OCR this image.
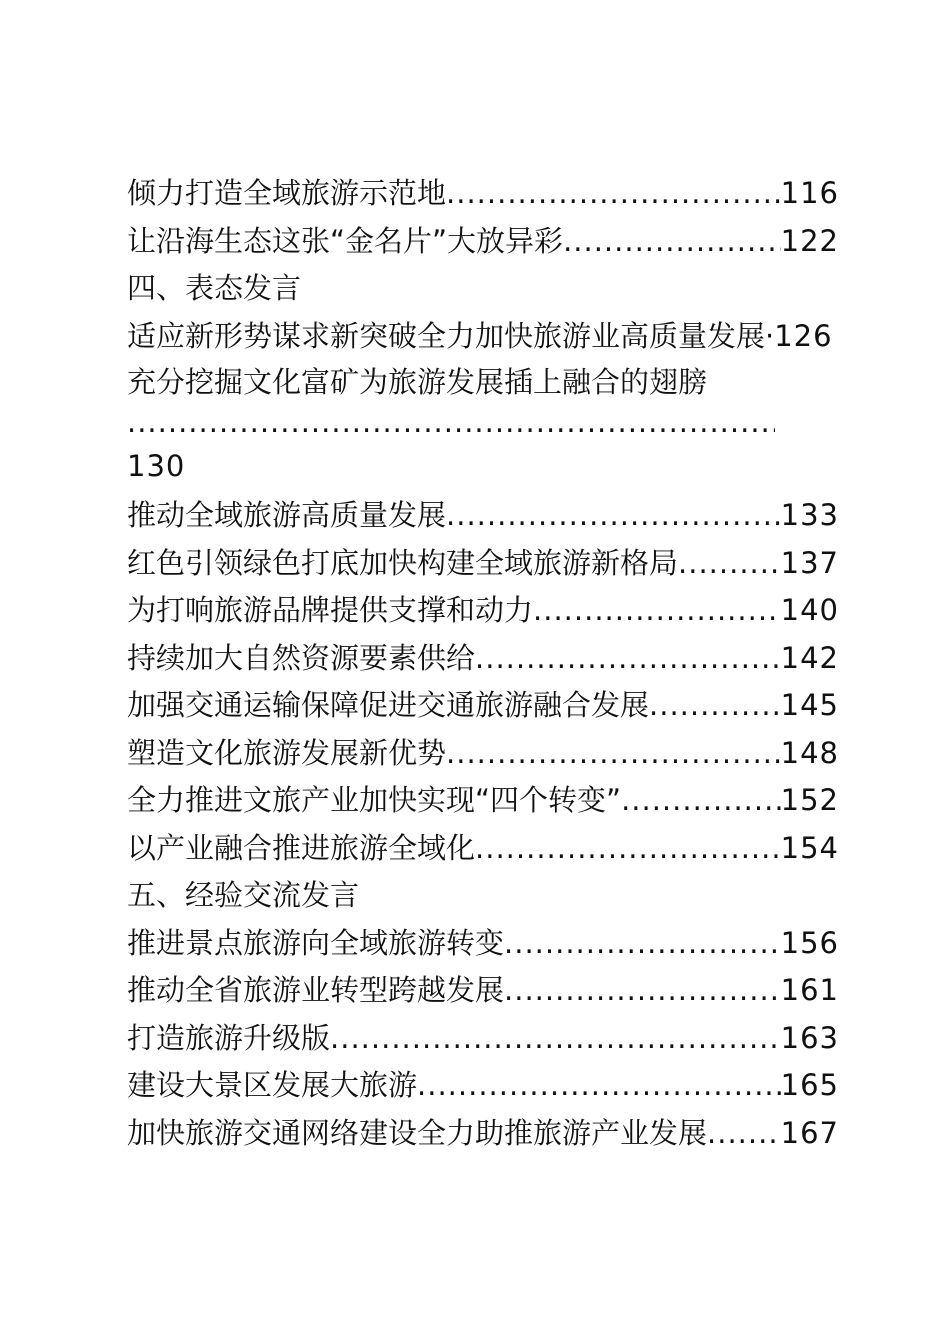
倾力打造全域旅游示范地 .....	116
让沿海生态这张“金名片”大放异彩 .....	122
四、表态发言
适应新形势谋求新突破全力加快旅游业高质量发展· 126
充分挖掘文化富矿为旅游发展插上融合的翅膀
.....
130
推动全域旅游高质量发展 .....	133
红色引领绿色打底加快构建全域旅游新格局 .....	137
为打响旅游品牌提供支撑和动力 .....	140
持续加大自然资源要素供给 .....	142
加强交通运输保障促进交通旅游融合发展 .....	145
塑造文化旅游发展新优势 .....	148
全力推进文旅产业加快实现“四个转变” .....	152
以产业融合推进旅游全域化 .....	154
五、经验交流发言
推进景点旅游向全域旅游转变 .....	156
推动全省旅游业转型跨越发展 .....	161
打造旅游升级版 .....	163
建设大景区发展大旅游 .....	165
加快旅游交通网络建设全力助推旅游产业发展 .....	167
